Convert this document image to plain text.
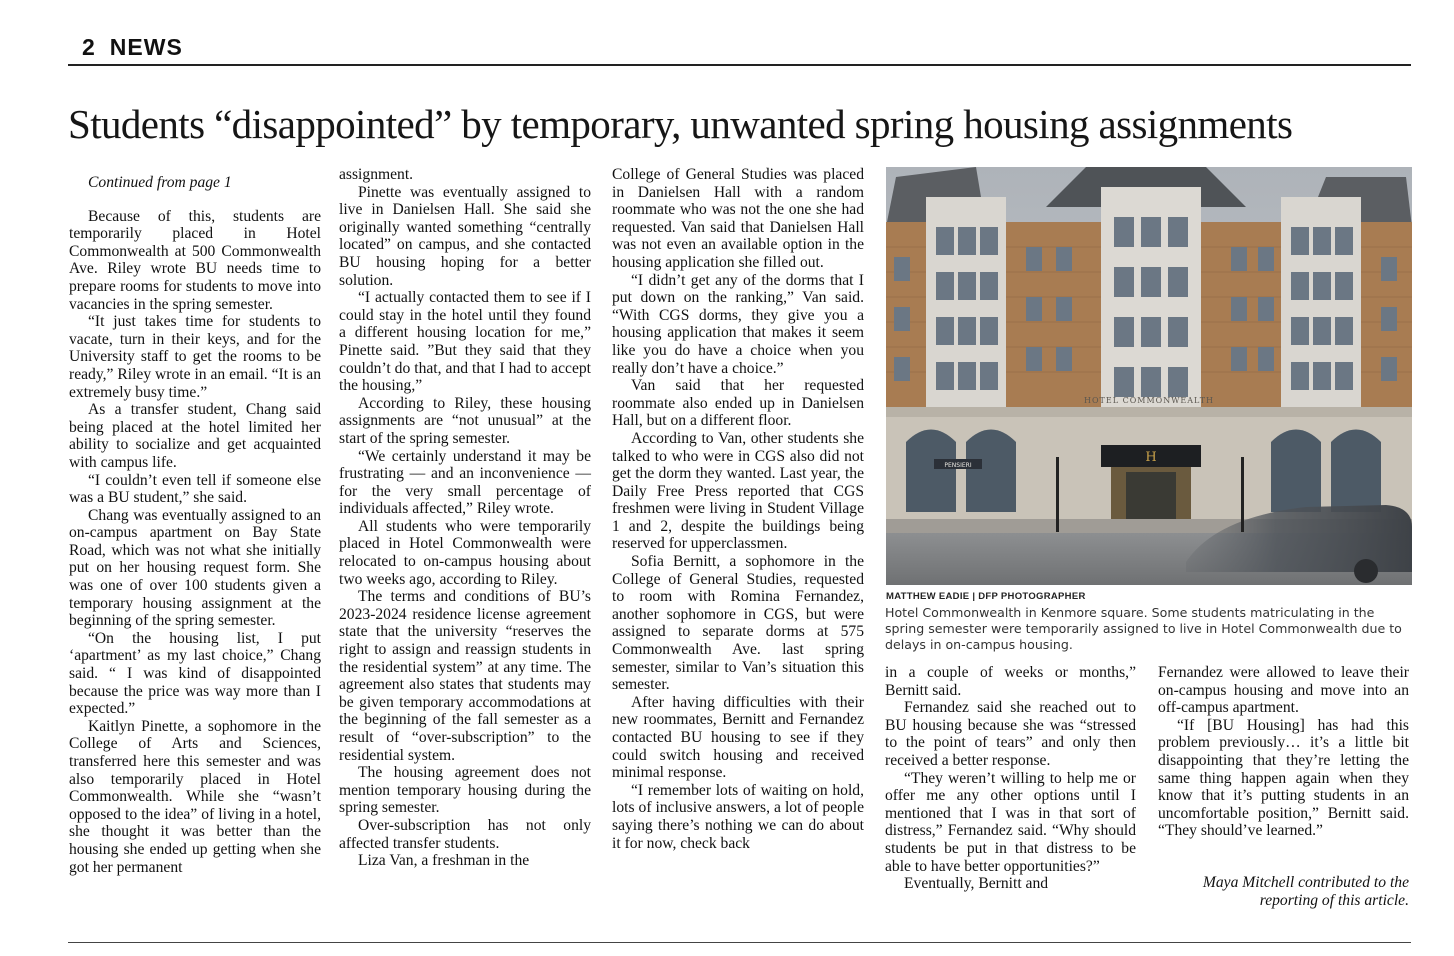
2 NEWS
Students “disappointed” by temporary, unwanted spring housing assignments

Continued from page 1

Because of this, students are temporarily placed in Hotel Commonwealth at 500 Commonwealth Ave. Riley wrote BU needs time to prepare rooms for students to move into vacancies in the spring semester.

“It just takes time for students to vacate, turn in their keys, and for the University staff to get the rooms to be ready,” Riley wrote in an email. “It is an extremely busy time.”

As a transfer student, Chang said being placed at the hotel limited her ability to socialize and get acquainted with campus life.

“I couldn’t even tell if someone else was a BU student,” she said.

Chang was eventually assigned to an on-campus apartment on Bay State Road, which was not what she initially put on her housing request form. She was one of over 100 students given a temporary housing assignment at the beginning of the spring semester.

“On the housing list, I put ‘apartment’ as my last choice,” Chang said. “ I was kind of disappointed because the price was way more than I expected.”

Kaitlyn Pinette, a sophomore in the College of Arts and Sciences, transferred here this semester and was also temporarily placed in Hotel Commonwealth. While she “wasn’t opposed to the idea” of living in a hotel, she thought it was better than the housing she ended up getting when she got her permanent

assignment.

Pinette was eventually assigned to live in Danielsen Hall. She said she originally wanted something “centrally located” on campus, and she contacted BU housing hoping for a better solution.

“I actually contacted them to see if I could stay in the hotel until they found a different housing location for me,” Pinette said. ”But they said that they couldn’t do that, and that I had to accept the housing,”

According to Riley, these housing assignments are “not unusual” at the start of the spring semester.

“We certainly understand it may be frustrating — and an inconvenience — for the very small percentage of individuals affected,” Riley wrote.

All students who were temporarily placed in Hotel Commonwealth were relocated to on-campus housing about two weeks ago, according to Riley.

The terms and conditions of BU’s 2023-2024 residence license agreement state that the university “reserves the right to assign and reassign students in the residential system” at any time. The agreement also states that students may be given temporary accommodations at the beginning of the fall semester as a result of “over-subscription” to the residential system.

The housing agreement does not mention temporary housing during the spring semester.

Over-subscription has not only affected transfer students.

Liza Van, a freshman in the

College of General Studies was placed in Danielsen Hall with a random roommate who was not the one she had requested. Van said that Danielsen Hall was not even an available option in the housing application she filled out.

“I didn’t get any of the dorms that I put down on the ranking,” Van said. “With CGS dorms, they give you a housing application that makes it seem like you do have a choice when you really don’t have a choice.”

Van said that her requested roommate also ended up in Danielsen Hall, but on a different floor.

According to Van, other students she talked to who were in CGS also did not get the dorm they wanted. Last year, the Daily Free Press reported that CGS freshmen were living in Student Village 1 and 2, despite the buildings being reserved for upperclassmen.

Sofia Bernitt, a sophomore in the College of General Studies, requested to room with Romina Fernandez, another sophomore in CGS, but were assigned to separate dorms at 575 Commonwealth Ave. last spring semester, similar to Van’s situation this semester.

After having difficulties with their new roommates, Bernitt and Fernandez contacted BU housing to see if they could switch housing and received minimal response.

“I remember lots of waiting on hold, lots of inclusive answers, a lot of people saying there’s nothing we can do about it for now, check back

HOTEL COMMONWEALTH
H
PENSIERI
MATTHEW EADIE | DFP PHOTOGRAPHER
Hotel Commonwealth in Kenmore square. Some students matriculating in the spring semester were temporarily assigned to live in Hotel Commonwealth due to delays in on-campus housing.

in a couple of weeks or months,” Bernitt said.

Fernandez said she reached out to BU housing because she was “stressed to the point of tears” and only then received a better response.

“They weren’t willing to help me or offer me any other options until I mentioned that I was in that sort of distress,” Fernandez said. “Why should students be put in that distress to be able to have better opportunities?”

Eventually, Bernitt and

Fernandez were allowed to leave their on-campus housing and move into an off-campus apartment.

“If [BU Housing] has had this problem previously… it’s a little bit disappointing that they’re letting the same thing happen again when they know that it’s putting students in an uncomfortable position,” Bernitt said. “They should’ve learned.”

Maya Mitchell contributed to the reporting of this article.
